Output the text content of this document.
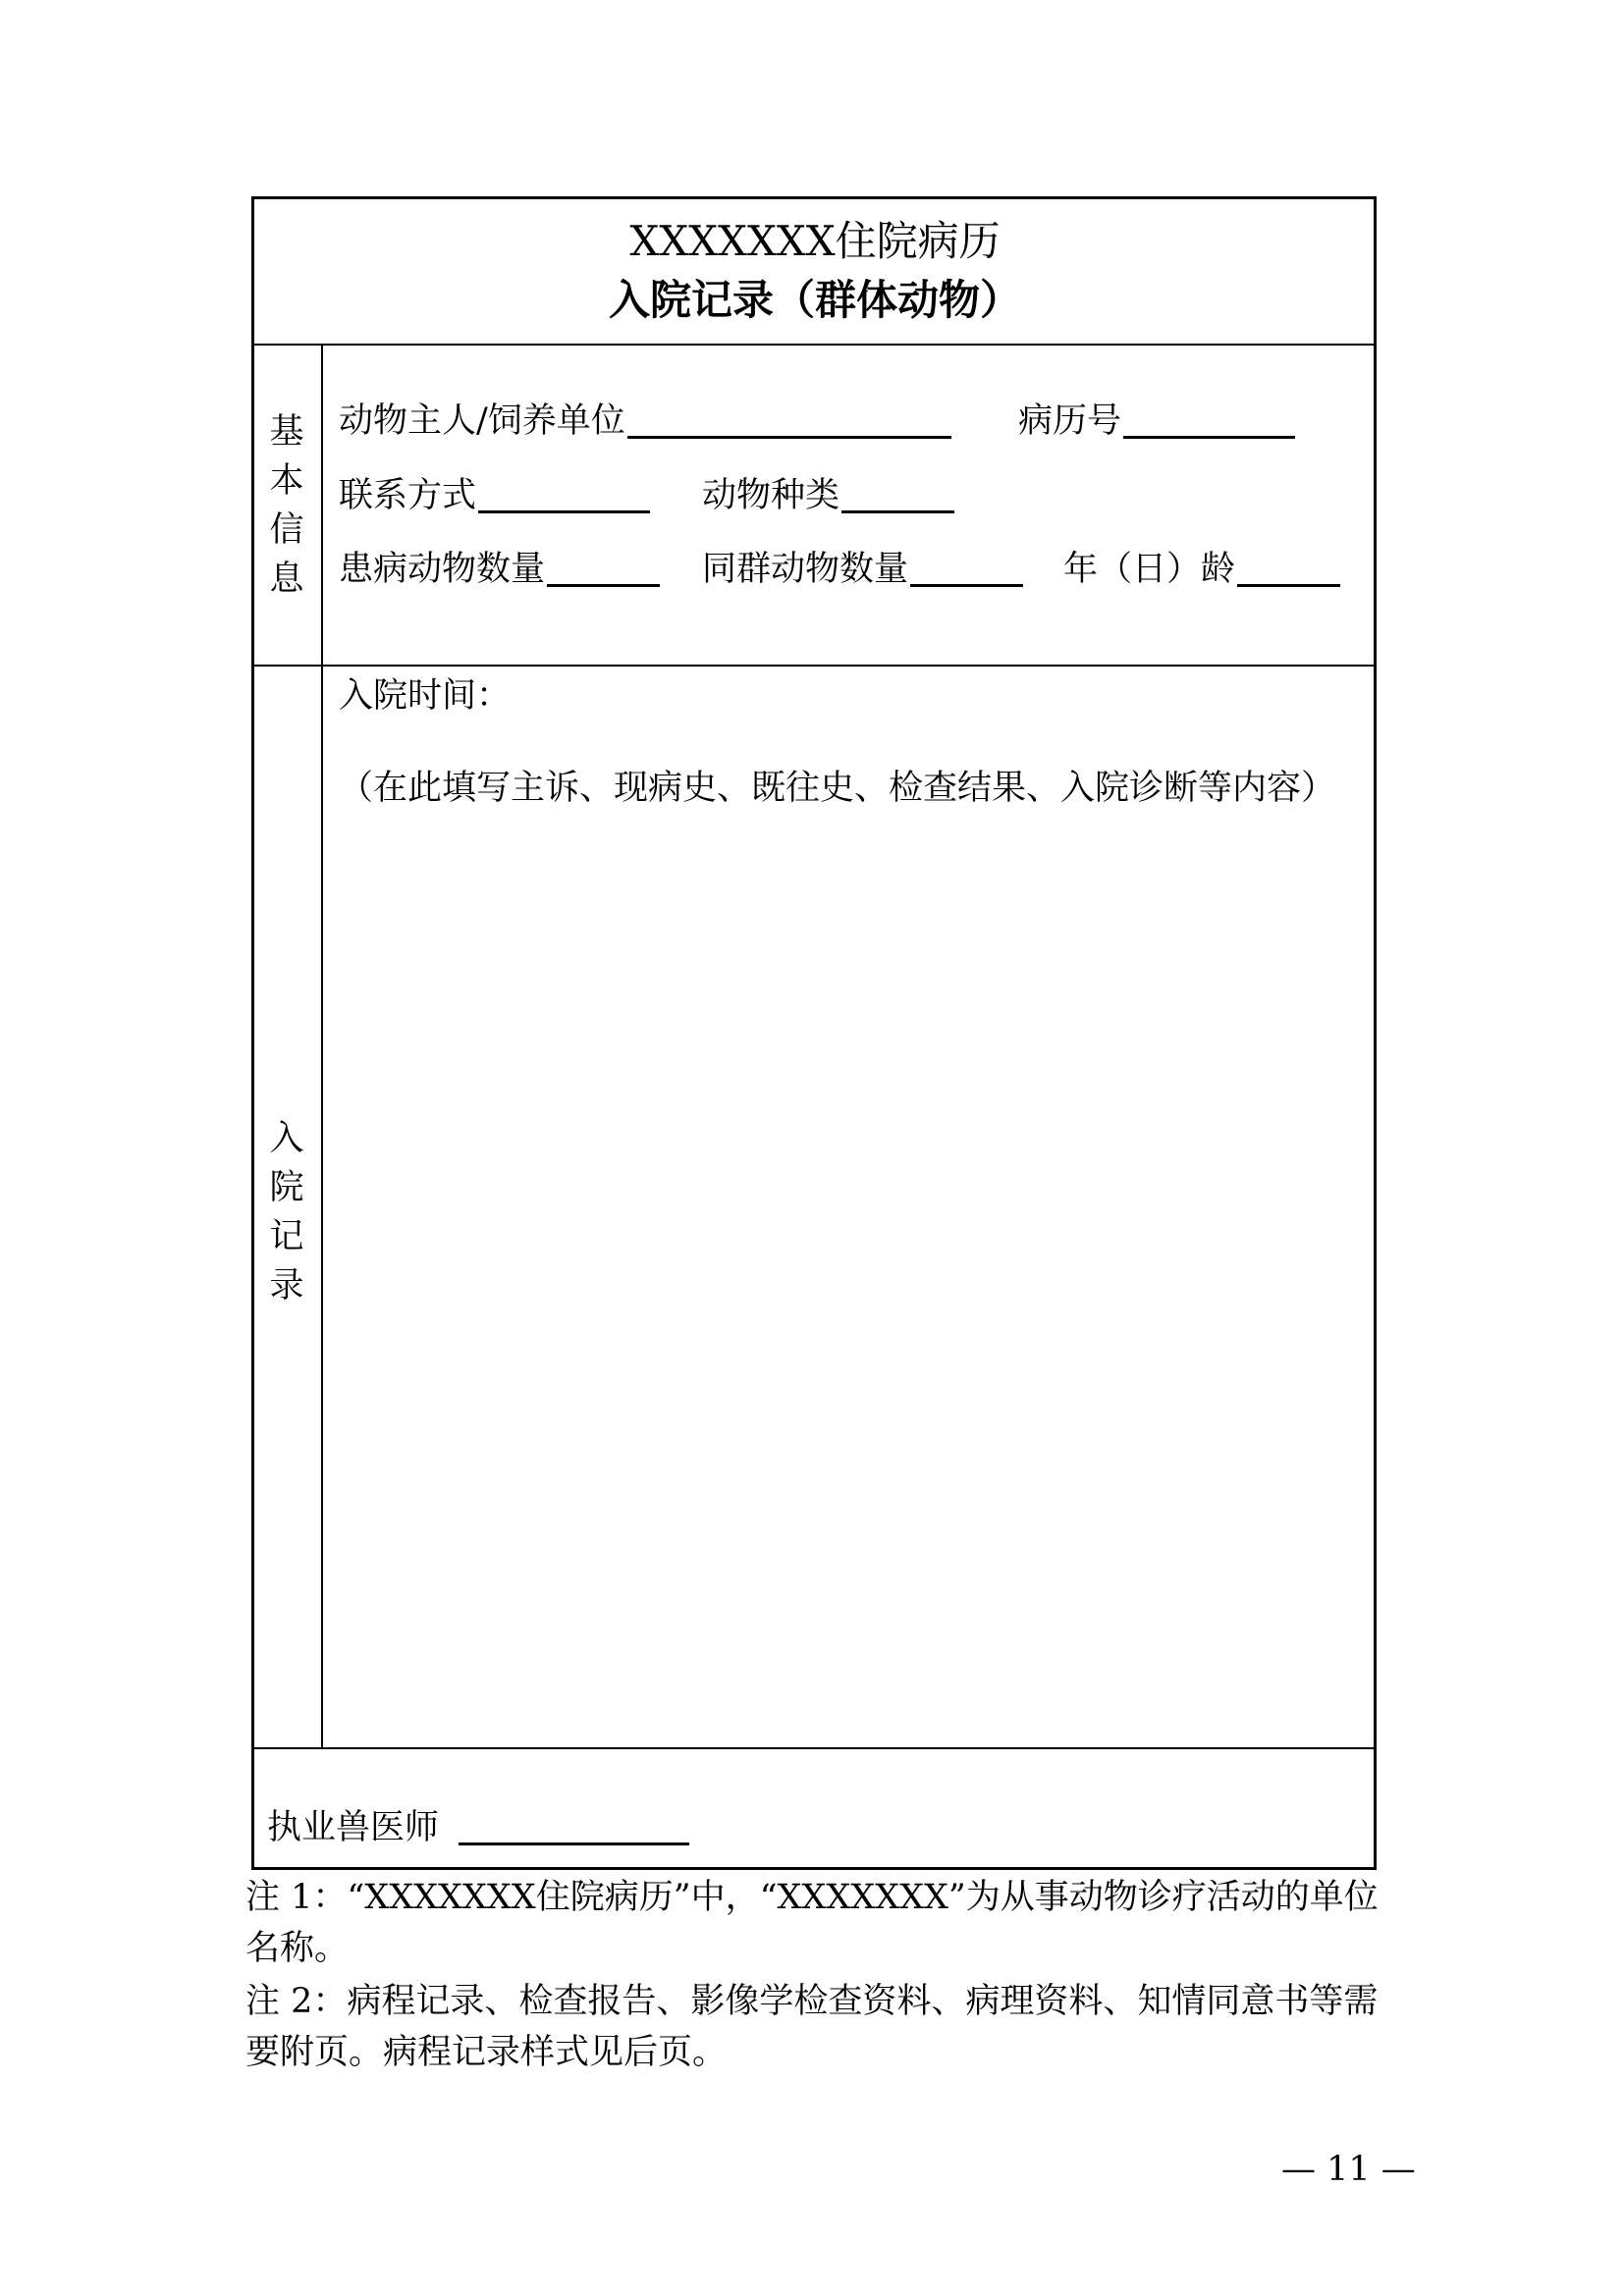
XXXXXXX住院病历
入院记录（群体动物）
基
本
信
息
动物主人/饲养单位	病历号
联系方式	动物种类
患病动物数量	同群动物数量	年（日）龄
入
院
记
录
入院时间：
（在此填写主诉、现病史、既往史、检查结果、入院诊断等内容）
执业兽医师
注 1：“XXXXXXX住院病历”中，“XXXXXXX”为从事动物诊疗活动的单位名称。
注 2：病程记录、检查报告、影像学检查资料、病理资料、知情同意书等需要附页。病程记录样式见后页。
— 11 —
